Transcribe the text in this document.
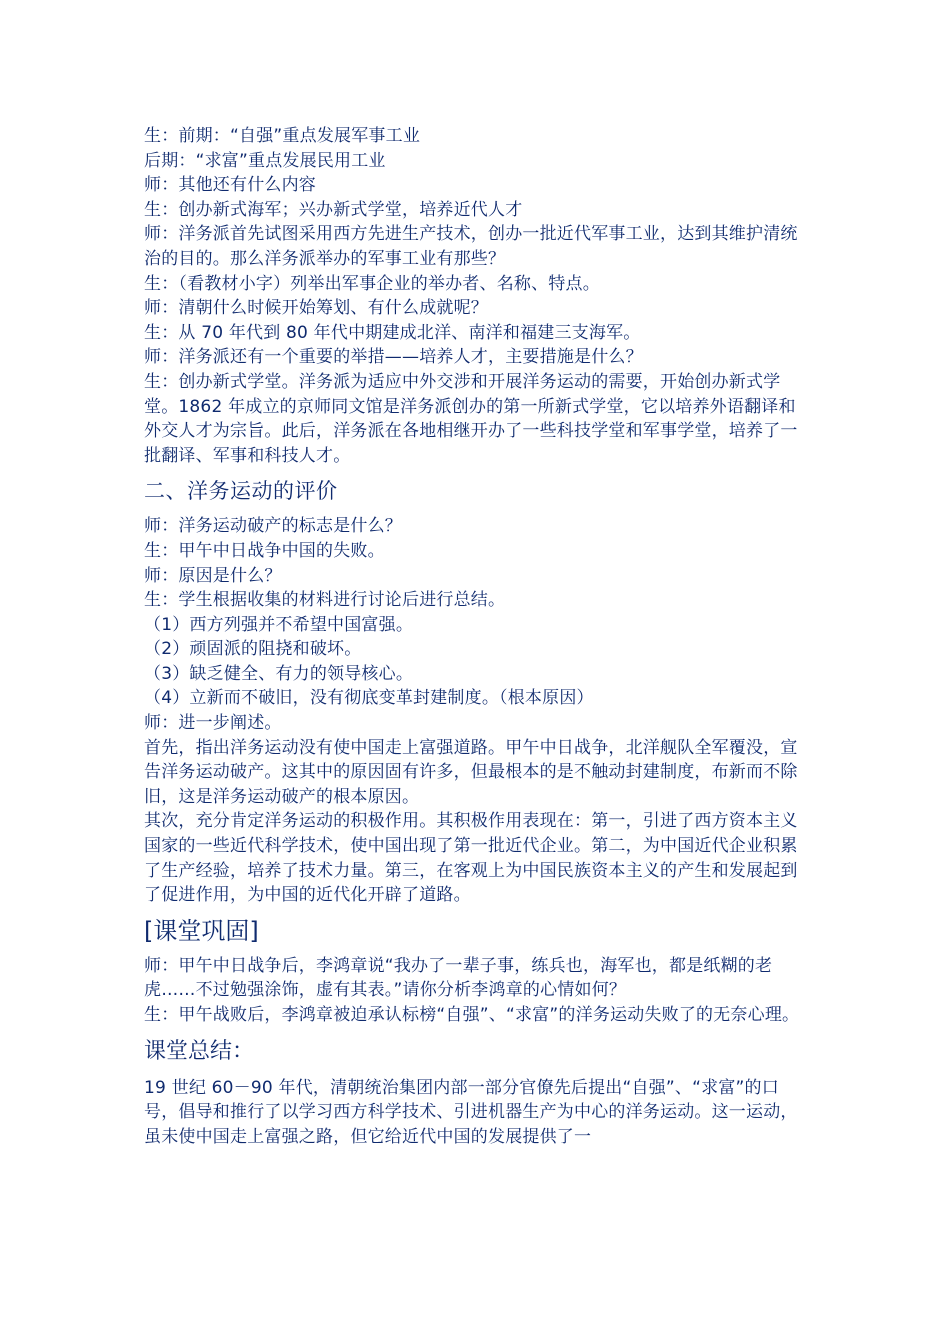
生：前期：“自强”重点发展军事工业

后期：“求富”重点发展民用工业

师：其他还有什么内容

生：创办新式海军；兴办新式学堂，培养近代人才

师：洋务派首先试图采用西方先进生产技术，创办一批近代军事工业，达到其维护清统治的目的。那么洋务派举办的军事工业有那些？

生：（看教材小字）列举出军事企业的举办者、名称、特点。

师：清朝什么时候开始筹划、有什么成就呢？

生：从 70 年代到 80 年代中期建成北洋、南洋和福建三支海军。

师：洋务派还有一个重要的举措——培养人才，主要措施是什么？

生：创办新式学堂。洋务派为适应中外交涉和开展洋务运动的需要，开始创办新式学堂。1862 年成立的京师同文馆是洋务派创办的第一所新式学堂，它以培养外语翻译和外交人才为宗旨。此后，洋务派在各地相继开办了一些科技学堂和军事学堂，培养了一批翻译、军事和科技人才。

二、洋务运动的评价

师：洋务运动破产的标志是什么？

生：甲午中日战争中国的失败。

师：原因是什么？

生：学生根据收集的材料进行讨论后进行总结。

（1）西方列强并不希望中国富强。

（2）顽固派的阻挠和破坏。

（3）缺乏健全、有力的领导核心。

（4）立新而不破旧，没有彻底变革封建制度。（根本原因）

师：进一步阐述。

首先，指出洋务运动没有使中国走上富强道路。甲午中日战争，北洋舰队全军覆没，宣告洋务运动破产。这其中的原因固有许多，但最根本的是不触动封建制度，布新而不除旧，这是洋务运动破产的根本原因。

其次，充分肯定洋务运动的积极作用。其积极作用表现在：第一，引进了西方资本主义国家的一些近代科学技术，使中国出现了第一批近代企业。第二，为中国近代企业积累了生产经验，培养了技术力量。第三，在客观上为中国民族资本主义的产生和发展起到了促进作用，为中国的近代化开辟了道路。

[课堂巩固]

师：甲午中日战争后，李鸿章说“我办了一辈子事，练兵也，海军也，都是纸糊的老虎……不过勉强涂饰，虚有其表。”请你分析李鸿章的心情如何？

生：甲午战败后，李鸿章被迫承认标榜“自强”、“求富”的洋务运动失败了的无奈心理。

课堂总结：

19 世纪 60－90 年代，清朝统治集团内部一部分官僚先后提出“自强”、“求富”的口号，倡导和推行了以学习西方科学技术、引进机器生产为中心的洋务运动。这一运动，虽未使中国走上富强之路，但它给近代中国的发展提供了一
